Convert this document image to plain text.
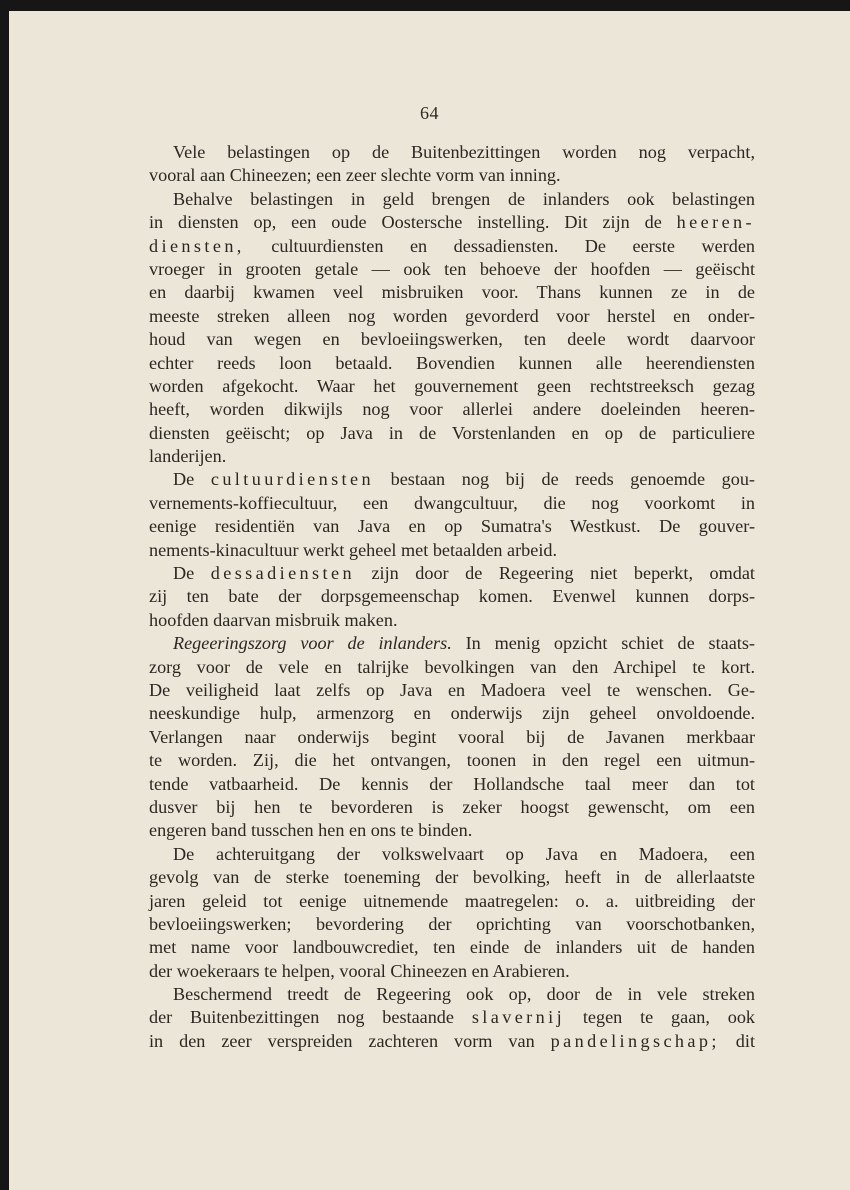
64
Vele belastingen op de Buitenbezittingen worden nog verpacht,
vooral aan Chineezen; een zeer slechte vorm van inning.
Behalve belastingen in geld brengen de inlanders ook belastingen
in diensten op, een oude Oostersche instelling. Dit zijn de heeren-
diensten, cultuurdiensten en dessadiensten. De eerste werden
vroeger in grooten getale — ook ten behoeve der hoofden — geëischt
en daarbij kwamen veel misbruiken voor. Thans kunnen ze in de
meeste streken alleen nog worden gevorderd voor herstel en onder-
houd van wegen en bevloeiingswerken, ten deele wordt daarvoor
echter reeds loon betaald. Bovendien kunnen alle heerendiensten
worden afgekocht. Waar het gouvernement geen rechtstreeksch gezag
heeft, worden dikwijls nog voor allerlei andere doeleinden heeren-
diensten geëischt; op Java in de Vorstenlanden en op de particuliere
landerijen.
De cultuurdiensten bestaan nog bij de reeds genoemde gou-
vernements-koffiecultuur, een dwangcultuur, die nog voorkomt in
eenige residentiën van Java en op Sumatra's Westkust. De gouver-
nements-kinacultuur werkt geheel met betaalden arbeid.
De dessadiensten zijn door de Regeering niet beperkt, omdat
zij ten bate der dorpsgemeenschap komen. Evenwel kunnen dorps-
hoofden daarvan misbruik maken.
Regeeringszorg voor de inlanders. In menig opzicht schiet de staats-
zorg voor de vele en talrijke bevolkingen van den Archipel te kort.
De veiligheid laat zelfs op Java en Madoera veel te wenschen. Ge-
neeskundige hulp, armenzorg en onderwijs zijn geheel onvoldoende.
Verlangen naar onderwijs begint vooral bij de Javanen merkbaar
te worden. Zij, die het ontvangen, toonen in den regel een uitmun-
tende vatbaarheid. De kennis der Hollandsche taal meer dan tot
dusver bij hen te bevorderen is zeker hoogst gewenscht, om een
engeren band tusschen hen en ons te binden.
De achteruitgang der volkswelvaart op Java en Madoera, een
gevolg van de sterke toeneming der bevolking, heeft in de allerlaatste
jaren geleid tot eenige uitnemende maatregelen: o. a. uitbreiding der
bevloeiingswerken; bevordering der oprichting van voorschotbanken,
met name voor landbouwcrediet, ten einde de inlanders uit de handen
der woekeraars te helpen, vooral Chineezen en Arabieren.
Beschermend treedt de Regeering ook op, door de in vele streken
der Buitenbezittingen nog bestaande slavernij tegen te gaan, ook
in den zeer verspreiden zachteren vorm van pandelingschap; dit
